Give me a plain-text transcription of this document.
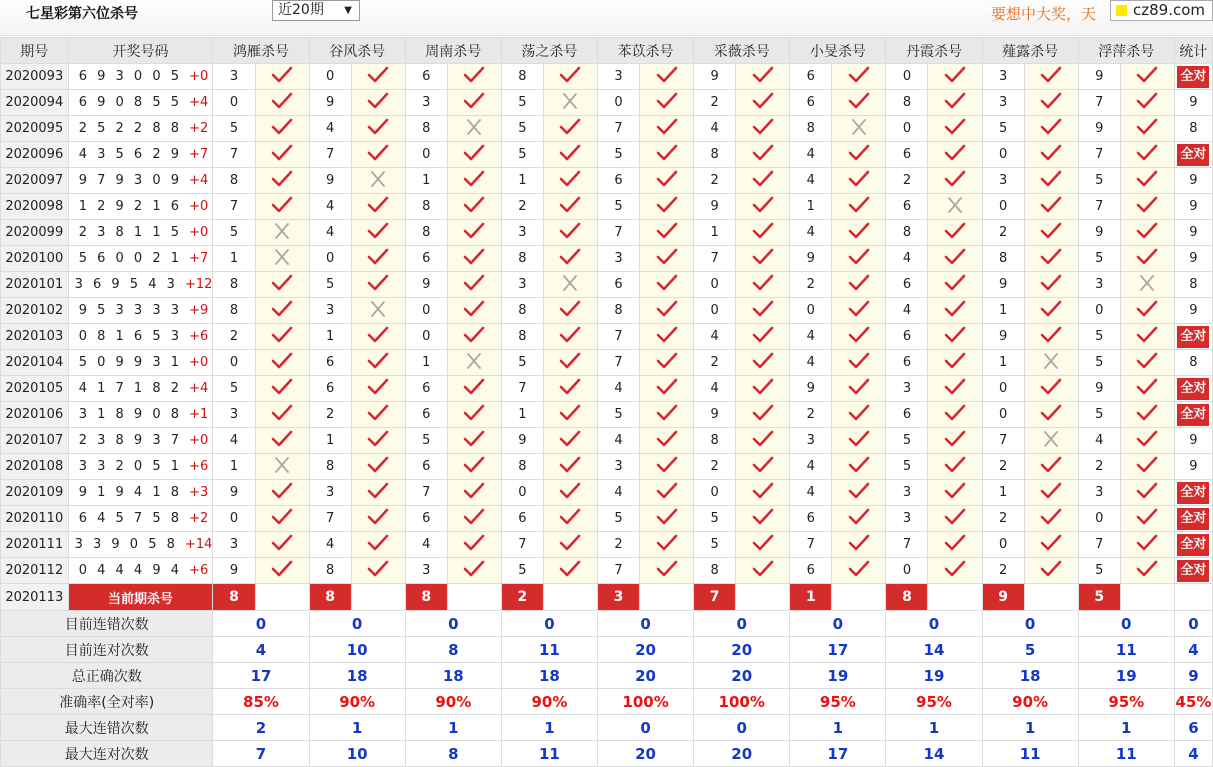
七星彩第六位杀号	近20期 ▼	要想中大奖，天	cz89.com
期号	开奖号码	鸿雁杀号		谷风杀号		周南杀号		荡之杀号		苯苡杀号		采薇杀号		小旻杀号		丹霞杀号		薤露杀号		浮萍杀号		统计
2020093	6 9 3 0 0 5 +0	3		0		6		8		3		9		6		0		3		9		全对
2020094	6 9 0 8 5 5 +4	0		9		3		5		0		2		6		8		3		7		9
2020095	2 5 2 2 8 8 +2	5		4		8		5		7		4		8		0		5		9		8
2020096	4 3 5 6 2 9 +7	7		7		0		5		5		8		4		6		0		7		全对
2020097	9 7 9 3 0 9 +4	8		9		1		1		6		2		4		2		3		5		9
2020098	1 2 9 2 1 6 +0	7		4		8		2		5		9		1		6		0		7		9
2020099	2 3 8 1 1 5 +0	5		4		8		3		7		1		4		8		2		9		9
2020100	5 6 0 0 2 1 +7	1		0		6		8		3		7		9		4		8		5		9
2020101	3 6 9 5 4 3 +12	8		5		9		3		6		0		2		6		9		3		8
2020102	9 5 3 3 3 3 +9	8		3		0		8		8		0		0		4		1		0		9
2020103	0 8 1 6 5 3 +6	2		1		0		8		7		4		4		6		9		5		全对
2020104	5 0 9 9 3 1 +0	0		6		1		5		7		2		4		6		1		5		8
2020105	4 1 7 1 8 2 +4	5		6		6		7		4		4		9		3		0		9		全对
2020106	3 1 8 9 0 8 +1	3		2		6		1		5		9		2		6		0		5		全对
2020107	2 3 8 9 3 7 +0	4		1		5		9		4		8		3		5		7		4		9
2020108	3 3 2 0 5 1 +6	1		8		6		8		3		2		4		5		2		2		9
2020109	9 1 9 4 1 8 +3	9		3		7		0		4		0		4		3		1		3		全对
2020110	6 4 5 7 5 8 +2	0		7		6		6		5		5		6		3		2		0		全对
2020111	3 3 9 0 5 8 +14	3		4		4		7		2		5		7		7		0		7		全对
2020112	0 4 4 4 9 4 +6	9		8		3		5		7		8		6		0		2		5		全对
2020113	当前期杀号	8		8		8		2		3		7		1		8		9		5		
目前连错次数		0		0		0		0		0		0		0		0		0		0		0
目前连对次数		4		10		8		11		20		20		17		14		5		11		4
总正确次数		17		18		18		18		20		20		19		19		18		19		9
准确率(全对率)		85%		90%		90%		90%		100%		100%		95%		95%		90%		95%		45%
最大连错次数		2		1		1		1		0		0		1		1		1		1		6
最大连对次数		7		10		8		11		20		20		17		14		11		11		4
